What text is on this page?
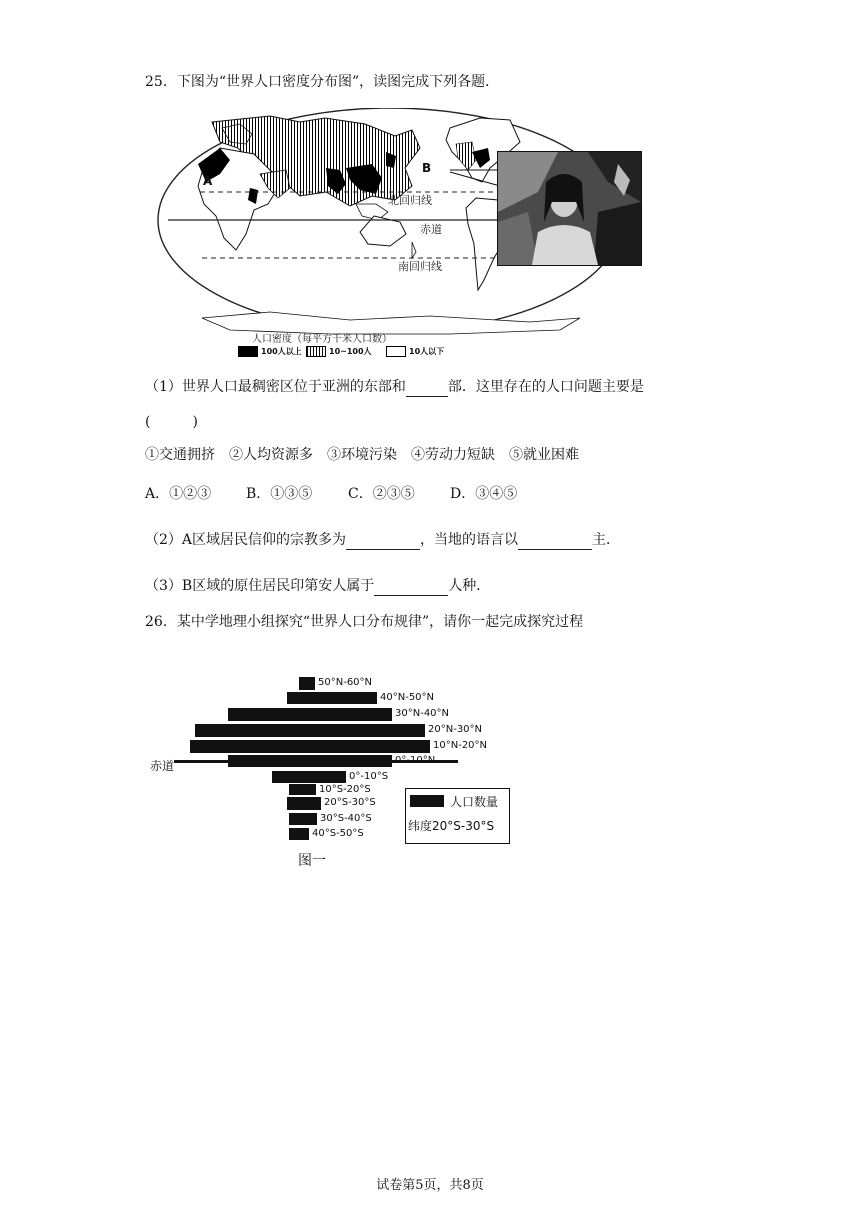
25．下图为“世界人口密度分布图”，读图完成下列各题．
A
B
北回归线
赤道
南回归线
人口密度（每平方千米人口数）
100人以上	10~100人	10人以下
（1）世界人口最稠密区位于亚洲的东部和	部．这里存在的人口问题主要是
(　　　)
①交通拥挤　②人均资源多　③环境污染　④劳动力短缺　⑤就业困难
A．①②③ B．①③⑤	C．②③⑤	D．③④⑤
（2）A区域居民信仰的宗教多为	，当地的语言以	主．
（3）B区域的原住居民印第安人属于	人种．
26．某中学地理小组探究“世界人口分布规律”，请你一起完成探究过程
赤道
人口数量
纬度20°S-30°S
图一
50°N-60°N
40°N-50°N
30°N-40°N
20°N-30°N
10°N-20°N
0°-10°N
0°-10°S
10°S-20°S
20°S-30°S
30°S-40°S
40°S-50°S
试卷第5页，共8页
